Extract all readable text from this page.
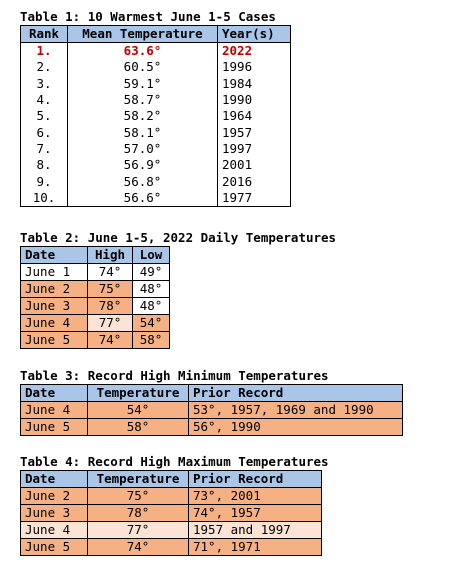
Table 1: 10 Warmest June 1-5 Cases
Rank	Mean Temperature	Year(s)
1.	63.6°	2022
2.	60.5°	1996
3.	59.1°	1984
4.	58.7°	1990
5.	58.2°	1964
6.	58.1°	1957
7.	57.0°	1997
8.	56.9°	2001
9.	56.8°	2016
10.	56.6°	1977
Table 2: June 1-5, 2022 Daily Temperatures
Date	High	Low
June 1	74°	49°
June 2	75°	48°
June 3	78°	48°
June 4	77°	54°
June 5	74°	58°
Table 3: Record High Minimum Temperatures
Date	Temperature	Prior Record
June 4	54°	53°, 1957, 1969 and 1990
June 5	58°	56°, 1990
Table 4: Record High Maximum Temperatures
Date	Temperature	Prior Record
June 2	75°	73°, 2001
June 3	78°	74°, 1957
June 4	77°	1957 and 1997
June 5	74°	71°, 1971
